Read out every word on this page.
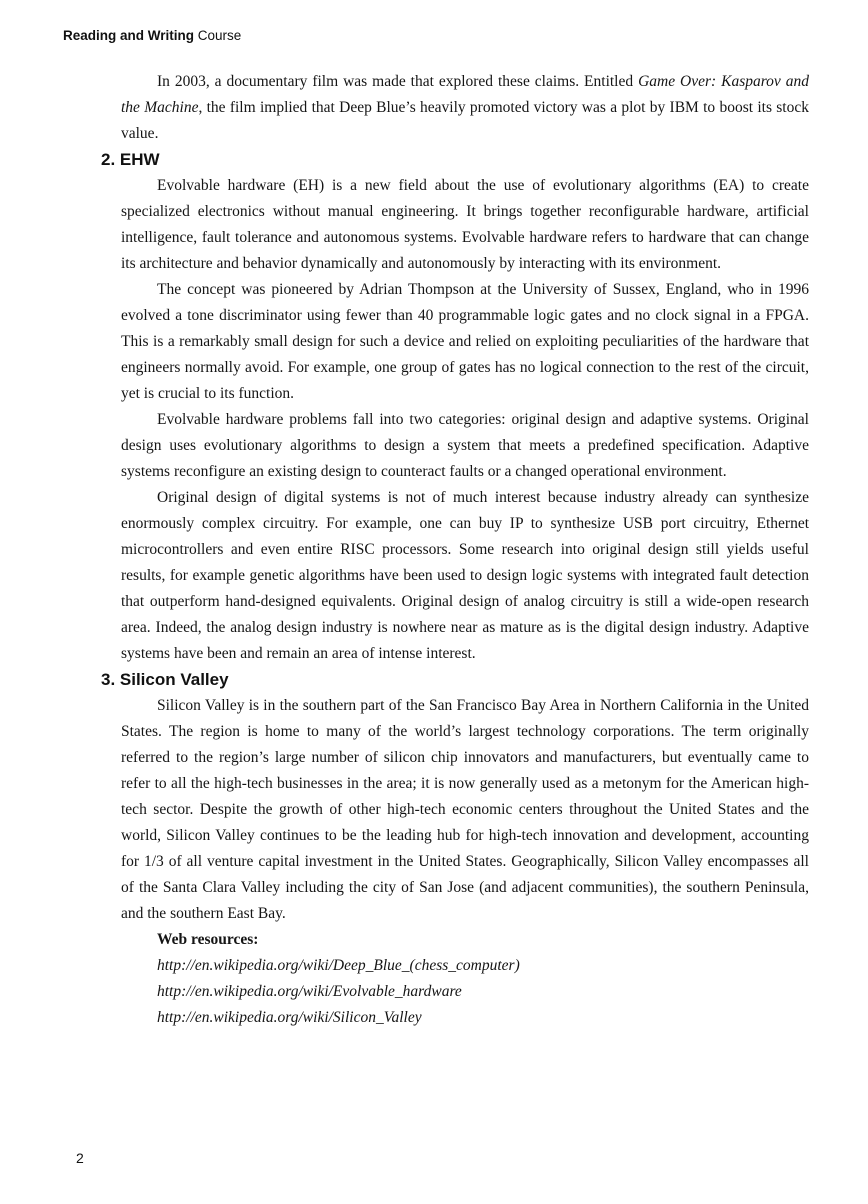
Reading and Writing Course

In 2003, a documentary film was made that explored these claims. Entitled Game Over: Kasparov and the Machine, the film implied that Deep Blue’s heavily promoted victory was a plot by IBM to boost its stock value.

2. EHW

Evolvable hardware (EH) is a new field about the use of evolutionary algorithms (EA) to create specialized electronics without manual engineering. It brings together reconfigurable hardware, artificial intelligence, fault tolerance and autonomous systems. Evolvable hardware refers to hardware that can change its architecture and behavior dynamically and autonomously by interacting with its environment.

The concept was pioneered by Adrian Thompson at the University of Sussex, England, who in 1996 evolved a tone discriminator using fewer than 40 programmable logic gates and no clock signal in a FPGA. This is a remarkably small design for such a device and relied on exploiting peculiarities of the hardware that engineers normally avoid. For example, one group of gates has no logical connection to the rest of the circuit, yet is crucial to its function.

Evolvable hardware problems fall into two categories: original design and adaptive systems. Original design uses evolutionary algorithms to design a system that meets a predefined specification. Adaptive systems reconfigure an existing design to counteract faults or a changed operational environment.

Original design of digital systems is not of much interest because industry already can synthesize enormously complex circuitry. For example, one can buy IP to synthesize USB port circuitry, Ethernet microcontrollers and even entire RISC processors. Some research into original design still yields useful results, for example genetic algorithms have been used to design logic systems with integrated fault detection that outperform hand-designed equivalents. Original design of analog circuitry is still a wide-open research area. Indeed, the analog design industry is nowhere near as mature as is the digital design industry. Adaptive systems have been and remain an area of intense interest.

3. Silicon Valley

Silicon Valley is in the southern part of the San Francisco Bay Area in Northern California in the United States. The region is home to many of the world’s largest technology corporations. The term originally referred to the region’s large number of silicon chip innovators and manufacturers, but eventually came to refer to all the high-tech businesses in the area; it is now generally used as a metonym for the American high-tech sector. Despite the growth of other high-tech economic centers throughout the United States and the world, Silicon Valley continues to be the leading hub for high-tech innovation and development, accounting for 1/3 of all venture capital investment in the United States. Geographically, Silicon Valley encompasses all of the Santa Clara Valley including the city of San Jose (and adjacent communities), the southern Peninsula, and the southern East Bay.

Web resources:

http://en.wikipedia.org/wiki/Deep_Blue_(chess_computer)
http://en.wikipedia.org/wiki/Evolvable_hardware
http://en.wikipedia.org/wiki/Silicon_Valley
2
